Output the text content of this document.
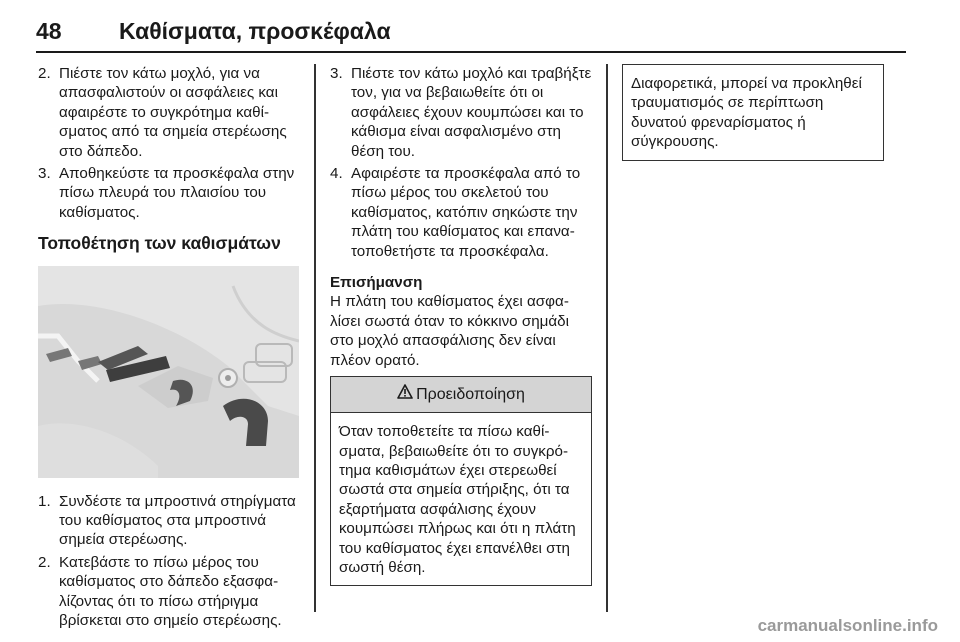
48 Καθίσματα, προσκέφαλα
2. Πιέστε τον κάτω μοχλό, για να απασφαλιστούν οι ασφάλειες και αφαιρέστε το συγκρότημα καθίσματος από τα σημεία στερέωσης στο δάπεδο.
3. Αποθηκεύστε τα προσκέφαλα στην πίσω πλευρά του πλαισίου του καθίσματος.
Τοποθέτηση των καθισμάτων
1. Συνδέστε τα μπροστινά στηρίγματα του καθίσματος στα μπροστινά σημεία στερέωσης.
2. Κατεβάστε το πίσω μέρος του καθίσματος στο δάπεδο εξασφαλίζοντας ότι το πίσω στήριγμα βρίσκεται στο σημείο στερέωσης.
3. Πιέστε τον κάτω μοχλό και τραβήξτε τον, για να βεβαιωθείτε ότι οι ασφάλειες έχουν κουμπώσει και το κάθισμα είναι ασφαλισμένο στη θέση του.
4. Αφαιρέστε τα προσκέφαλα από το πίσω μέρος του σκελετού του καθίσματος, κατόπιν σηκώστε την πλάτη του καθίσματος και επανατοποθετήστε τα προσκέφαλα.
Επισήμανση
Η πλάτη του καθίσματος έχει ασφαλίσει σωστά όταν το κόκκινο σημάδι στο μοχλό απασφάλισης δεν είναι πλέον ορατό.
Προειδοποίηση
Όταν τοποθετείτε τα πίσω καθίσματα, βεβαιωθείτε ότι το συγκρότημα καθισμάτων έχει στερεωθεί σωστά στα σημεία στήριξης, ότι τα εξαρτήματα ασφάλισης έχουν κουμπώσει πλήρως και ότι η πλάτη του καθίσματος έχει επανέλθει στη σωστή θέση.
Διαφορετικά, μπορεί να προκληθεί τραυματισμός σε περίπτωση δυνατού φρεναρίσματος ή σύγκρουσης.
carmanualsonline.info
